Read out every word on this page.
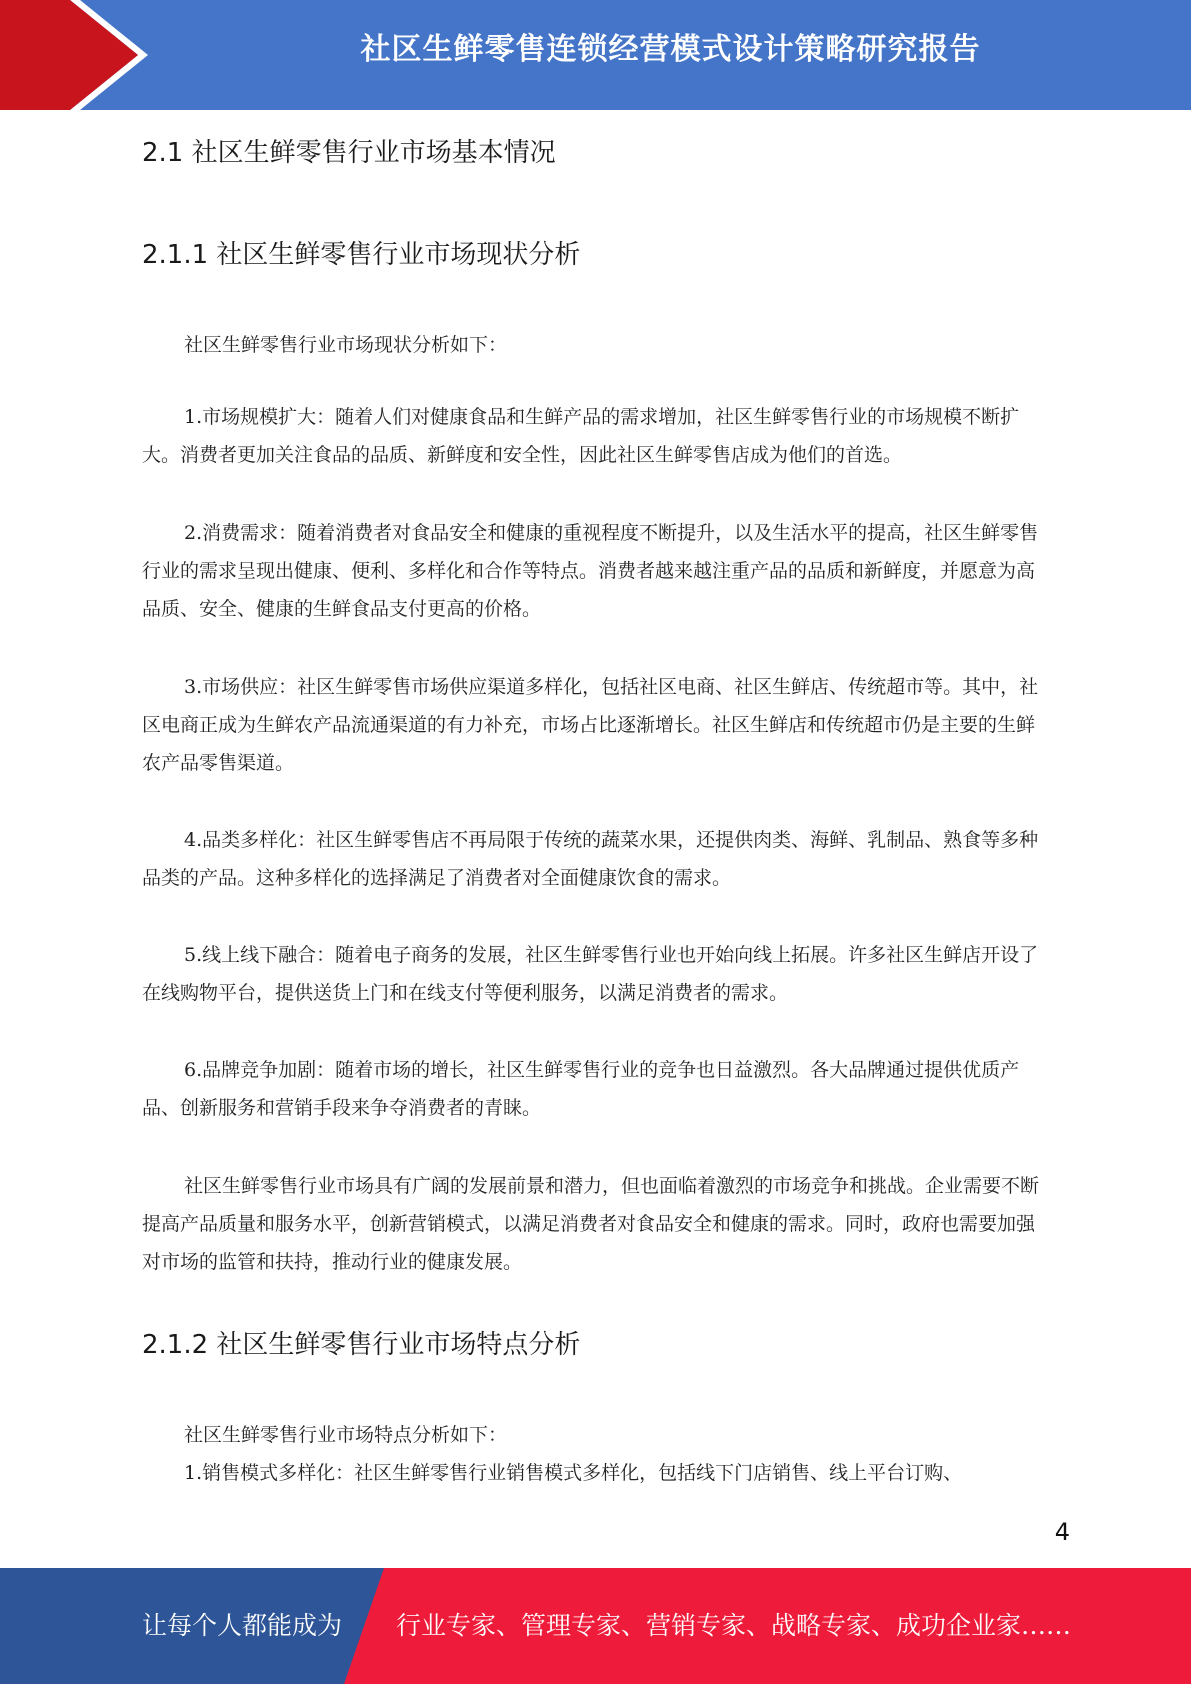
社区生鲜零售连锁经营模式设计策略研究报告
2.1 社区生鲜零售行业市场基本情况
2.1.1 社区生鲜零售行业市场现状分析

社区生鲜零售行业市场现状分析如下：

1.市场规模扩大：随着人们对健康食品和生鲜产品的需求增加，社区生鲜零售行业的市场规模不断扩大。消费者更加关注食品的品质、新鲜度和安全性，因此社区生鲜零售店成为他们的首选。

2.消费需求：随着消费者对食品安全和健康的重视程度不断提升，以及生活水平的提高，社区生鲜零售行业的需求呈现出健康、便利、多样化和合作等特点。消费者越来越注重产品的品质和新鲜度，并愿意为高品质、安全、健康的生鲜食品支付更高的价格。

3.市场供应：社区生鲜零售市场供应渠道多样化，包括社区电商、社区生鲜店、传统超市等。其中，社区电商正成为生鲜农产品流通渠道的有力补充，市场占比逐渐增长。社区生鲜店和传统超市仍是主要的生鲜农产品零售渠道。

4.品类多样化：社区生鲜零售店不再局限于传统的蔬菜水果，还提供肉类、海鲜、乳制品、熟食等多种品类的产品。这种多样化的选择满足了消费者对全面健康饮食的需求。

5.线上线下融合：随着电子商务的发展，社区生鲜零售行业也开始向线上拓展。许多社区生鲜店开设了在线购物平台，提供送货上门和在线支付等便利服务，以满足消费者的需求。

6.品牌竞争加剧：随着市场的增长，社区生鲜零售行业的竞争也日益激烈。各大品牌通过提供优质产品、创新服务和营销手段来争夺消费者的青睐。

社区生鲜零售行业市场具有广阔的发展前景和潜力，但也面临着激烈的市场竞争和挑战。企业需要不断提高产品质量和服务水平，创新营销模式，以满足消费者对食品安全和健康的需求。同时，政府也需要加强对市场的监管和扶持，推动行业的健康发展。

2.1.2 社区生鲜零售行业市场特点分析

社区生鲜零售行业市场特点分析如下：

1.销售模式多样化：社区生鲜零售行业销售模式多样化，包括线下门店销售、线上平台订购、

4
让每个人都能成为 行业专家、管理专家、营销专家、战略专家、成功企业家……
